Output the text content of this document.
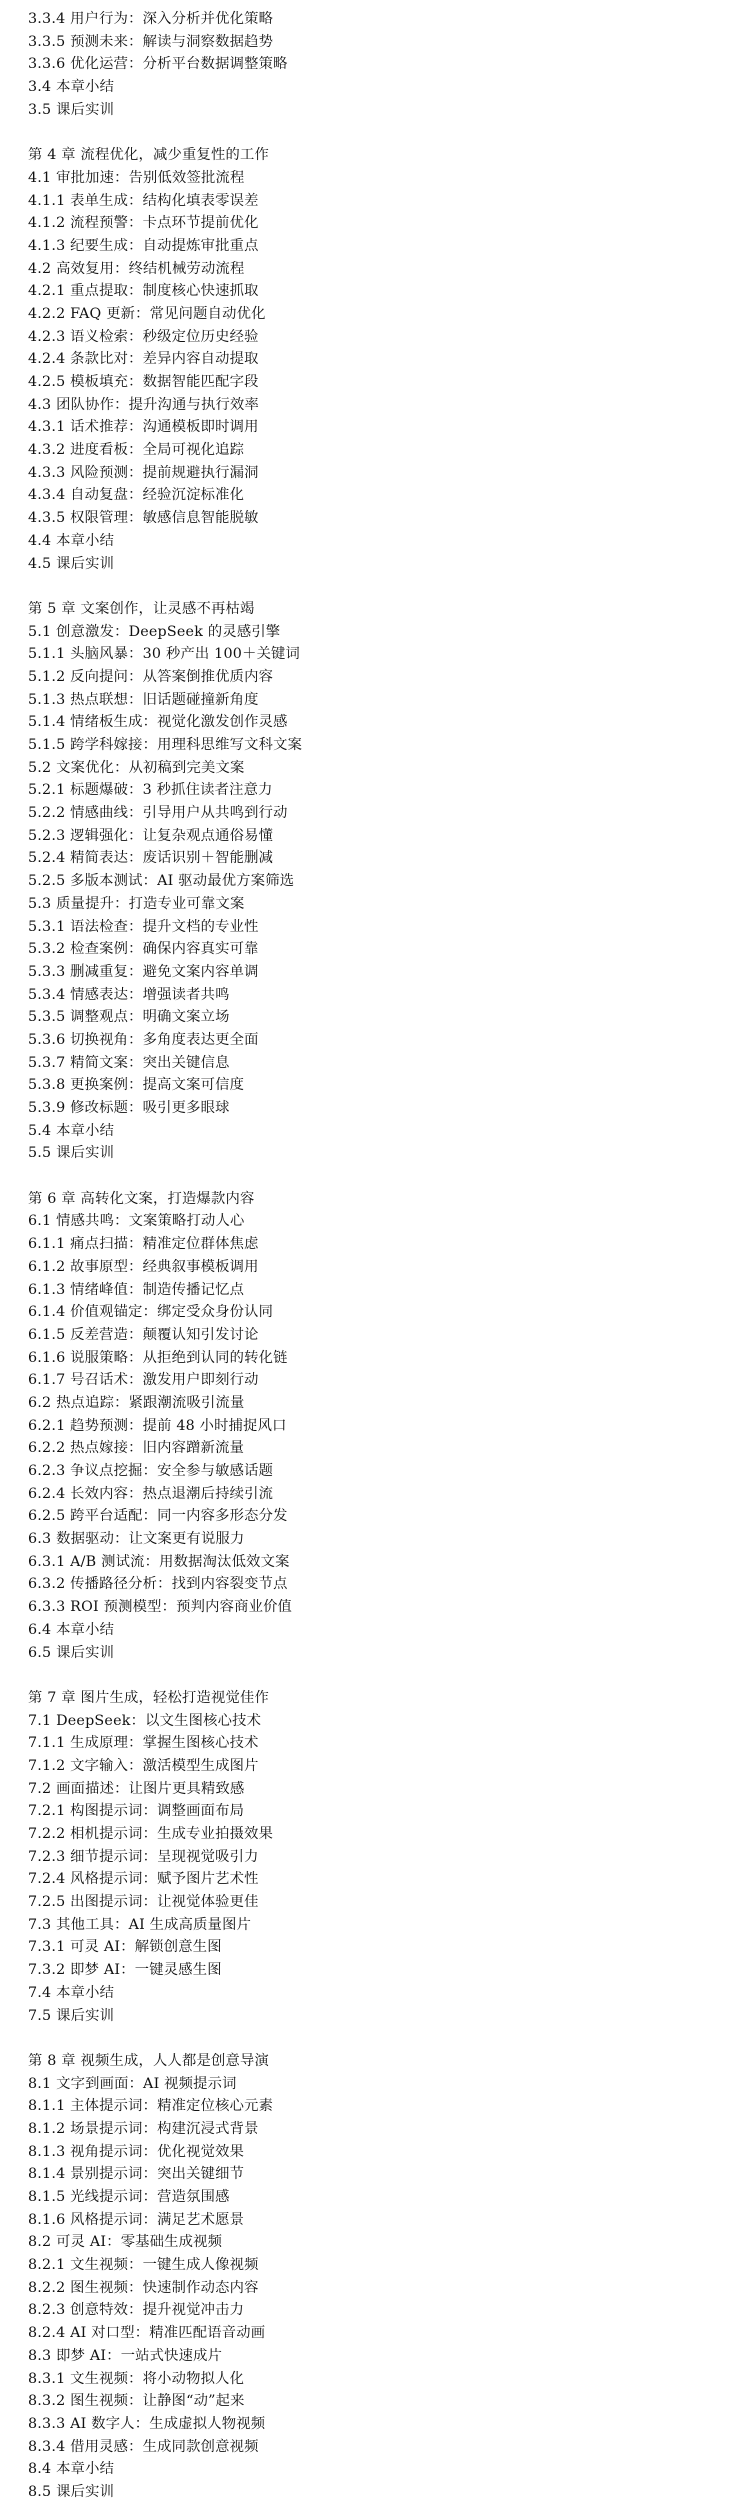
3.3.4 用户行为：深入分析并优化策略
3.3.5 预测未来：解读与洞察数据趋势
3.3.6 优化运营：分析平台数据调整策略
3.4 本章小结
3.5 课后实训
第 4 章 流程优化，减少重复性的工作
4.1 审批加速：告别低效签批流程
4.1.1 表单生成：结构化填表零误差
4.1.2 流程预警：卡点环节提前优化
4.1.3 纪要生成：自动提炼审批重点
4.2 高效复用：终结机械劳动流程
4.2.1 重点提取：制度核心快速抓取
4.2.2 FAQ 更新：常见问题自动优化
4.2.3 语义检索：秒级定位历史经验
4.2.4 条款比对：差异内容自动提取
4.2.5 模板填充：数据智能匹配字段
4.3 团队协作：提升沟通与执行效率
4.3.1 话术推荐：沟通模板即时调用
4.3.2 进度看板：全局可视化追踪
4.3.3 风险预测：提前规避执行漏洞
4.3.4 自动复盘：经验沉淀标准化
4.3.5 权限管理：敏感信息智能脱敏
4.4 本章小结
4.5 课后实训
第 5 章 文案创作，让灵感不再枯竭
5.1 创意激发：DeepSeek 的灵感引擎
5.1.1 头脑风暴：30 秒产出 100＋关键词
5.1.2 反向提问：从答案倒推优质内容
5.1.3 热点联想：旧话题碰撞新角度
5.1.4 情绪板生成：视觉化激发创作灵感
5.1.5 跨学科嫁接：用理科思维写文科文案
5.2 文案优化：从初稿到完美文案
5.2.1 标题爆破：3 秒抓住读者注意力
5.2.2 情感曲线：引导用户从共鸣到行动
5.2.3 逻辑强化：让复杂观点通俗易懂
5.2.4 精简表达：废话识别＋智能删减
5.2.5 多版本测试：AI 驱动最优方案筛选
5.3 质量提升：打造专业可靠文案
5.3.1 语法检查：提升文档的专业性
5.3.2 检查案例：确保内容真实可靠
5.3.3 删减重复：避免文案内容单调
5.3.4 情感表达：增强读者共鸣
5.3.5 调整观点：明确文案立场
5.3.6 切换视角：多角度表达更全面
5.3.7 精简文案：突出关键信息
5.3.8 更换案例：提高文案可信度
5.3.9 修改标题：吸引更多眼球
5.4 本章小结
5.5 课后实训
第 6 章 高转化文案，打造爆款内容
6.1 情感共鸣：文案策略打动人心
6.1.1 痛点扫描：精准定位群体焦虑
6.1.2 故事原型：经典叙事模板调用
6.1.3 情绪峰值：制造传播记忆点
6.1.4 价值观锚定：绑定受众身份认同
6.1.5 反差营造：颠覆认知引发讨论
6.1.6 说服策略：从拒绝到认同的转化链
6.1.7 号召话术：激发用户即刻行动
6.2 热点追踪：紧跟潮流吸引流量
6.2.1 趋势预测：提前 48 小时捕捉风口
6.2.2 热点嫁接：旧内容蹭新流量
6.2.3 争议点挖掘：安全参与敏感话题
6.2.4 长效内容：热点退潮后持续引流
6.2.5 跨平台适配：同一内容多形态分发
6.3 数据驱动：让文案更有说服力
6.3.1 A/B 测试流：用数据淘汰低效文案
6.3.2 传播路径分析：找到内容裂变节点
6.3.3 ROI 预测模型：预判内容商业价值
6.4 本章小结
6.5 课后实训
第 7 章 图片生成，轻松打造视觉佳作
7.1 DeepSeek：以文生图核心技术
7.1.1 生成原理：掌握生图核心技术
7.1.2 文字输入：激活模型生成图片
7.2 画面描述：让图片更具精致感
7.2.1 构图提示词：调整画面布局
7.2.2 相机提示词：生成专业拍摄效果
7.2.3 细节提示词：呈现视觉吸引力
7.2.4 风格提示词：赋予图片艺术性
7.2.5 出图提示词：让视觉体验更佳
7.3 其他工具：AI 生成高质量图片
7.3.1 可灵 AI：解锁创意生图
7.3.2 即梦 AI：一键灵感生图
7.4 本章小结
7.5 课后实训
第 8 章 视频生成，人人都是创意导演
8.1 文字到画面：AI 视频提示词
8.1.1 主体提示词：精准定位核心元素
8.1.2 场景提示词：构建沉浸式背景
8.1.3 视角提示词：优化视觉效果
8.1.4 景别提示词：突出关键细节
8.1.5 光线提示词：营造氛围感
8.1.6 风格提示词：满足艺术愿景
8.2 可灵 AI：零基础生成视频
8.2.1 文生视频：一键生成人像视频
8.2.2 图生视频：快速制作动态内容
8.2.3 创意特效：提升视觉冲击力
8.2.4 AI 对口型：精准匹配语音动画
8.3 即梦 AI：一站式快速成片
8.3.1 文生视频：将小动物拟人化
8.3.2 图生视频：让静图“动”起来
8.3.3 AI 数字人：生成虚拟人物视频
8.3.4 借用灵感：生成同款创意视频
8.4 本章小结
8.5 课后实训
